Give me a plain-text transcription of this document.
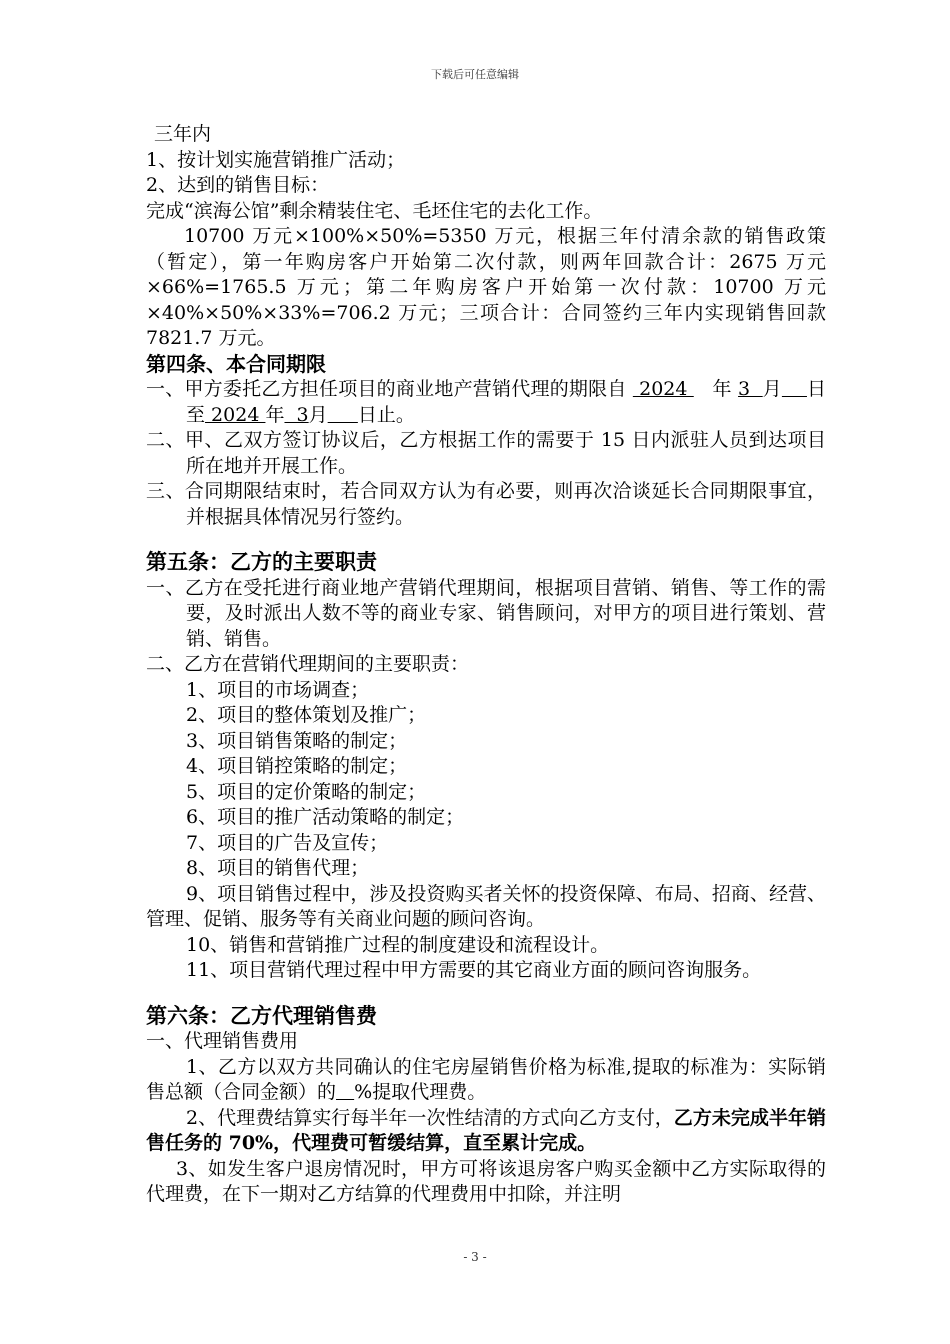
下载后可任意编辑

三年内

1、按计划实施营销推广活动；

2、达到的销售目标：

完成“滨海公馆”剩余精装住宅、毛坯住宅的去化工作。

10700 万元×100%×50%=5350 万元，根据三年付清余款的销售政策（暂定），第一年购房客户开始第二次付款，则两年回款合计：2675 万元×66%=1765.5 万元；第二年购房客户开始第一次付款：10700 万元×40%×50%×33%=706.2 万元；三项合计：合同签约三年内实现销售回款 7821.7 万元。

第四条、本合同期限

一、甲方委托乙方担任项目的商业地产营销代理的期限自  2024    年 3  月 日至 2024 年  3月 日止。

二、甲、乙双方签订协议后，乙方根据工作的需要于 15 日内派驻人员到达项目所在地并开展工作。

三、合同期限结束时，若合同双方认为有必要，则再次洽谈延长合同期限事宜，并根据具体情况另行签约。

第五条：乙方的主要职责

一、乙方在受托进行商业地产营销代理期间，根据项目营销、销售、等工作的需要，及时派出人数不等的商业专家、销售顾问，对甲方的项目进行策划、营销、销售。

二、乙方在营销代理期间的主要职责：

1、项目的市场调查；

2、项目的整体策划及推广；

3、项目销售策略的制定；

4、项目销控策略的制定；

5、项目的定价策略的制定；

6、项目的推广活动策略的制定；

7、项目的广告及宣传；

8、项目的销售代理；

9、项目销售过程中，涉及投资购买者关怀的投资保障、布局、招商、经营、管理、促销、服务等有关商业问题的顾问咨询。

10、销售和营销推广过程的制度建设和流程设计。

11、项目营销代理过程中甲方需要的其它商业方面的顾问咨询服务。

第六条：乙方代理销售费

一、代理销售费用

1、乙方以双方共同确认的住宅房屋销售价格为标准,提取的标准为：实际销售总额（合同金额）的 %提取代理费。

2、代理费结算实行每半年一次性结清的方式向乙方支付，乙方未完成半年销售任务的 70%，代理费可暂缓结算，直至累计完成。

3、如发生客户退房情况时，甲方可将该退房客户购买金额中乙方实际取得的代理费，在下一期对乙方结算的代理费用中扣除，并注明

- 3 -
